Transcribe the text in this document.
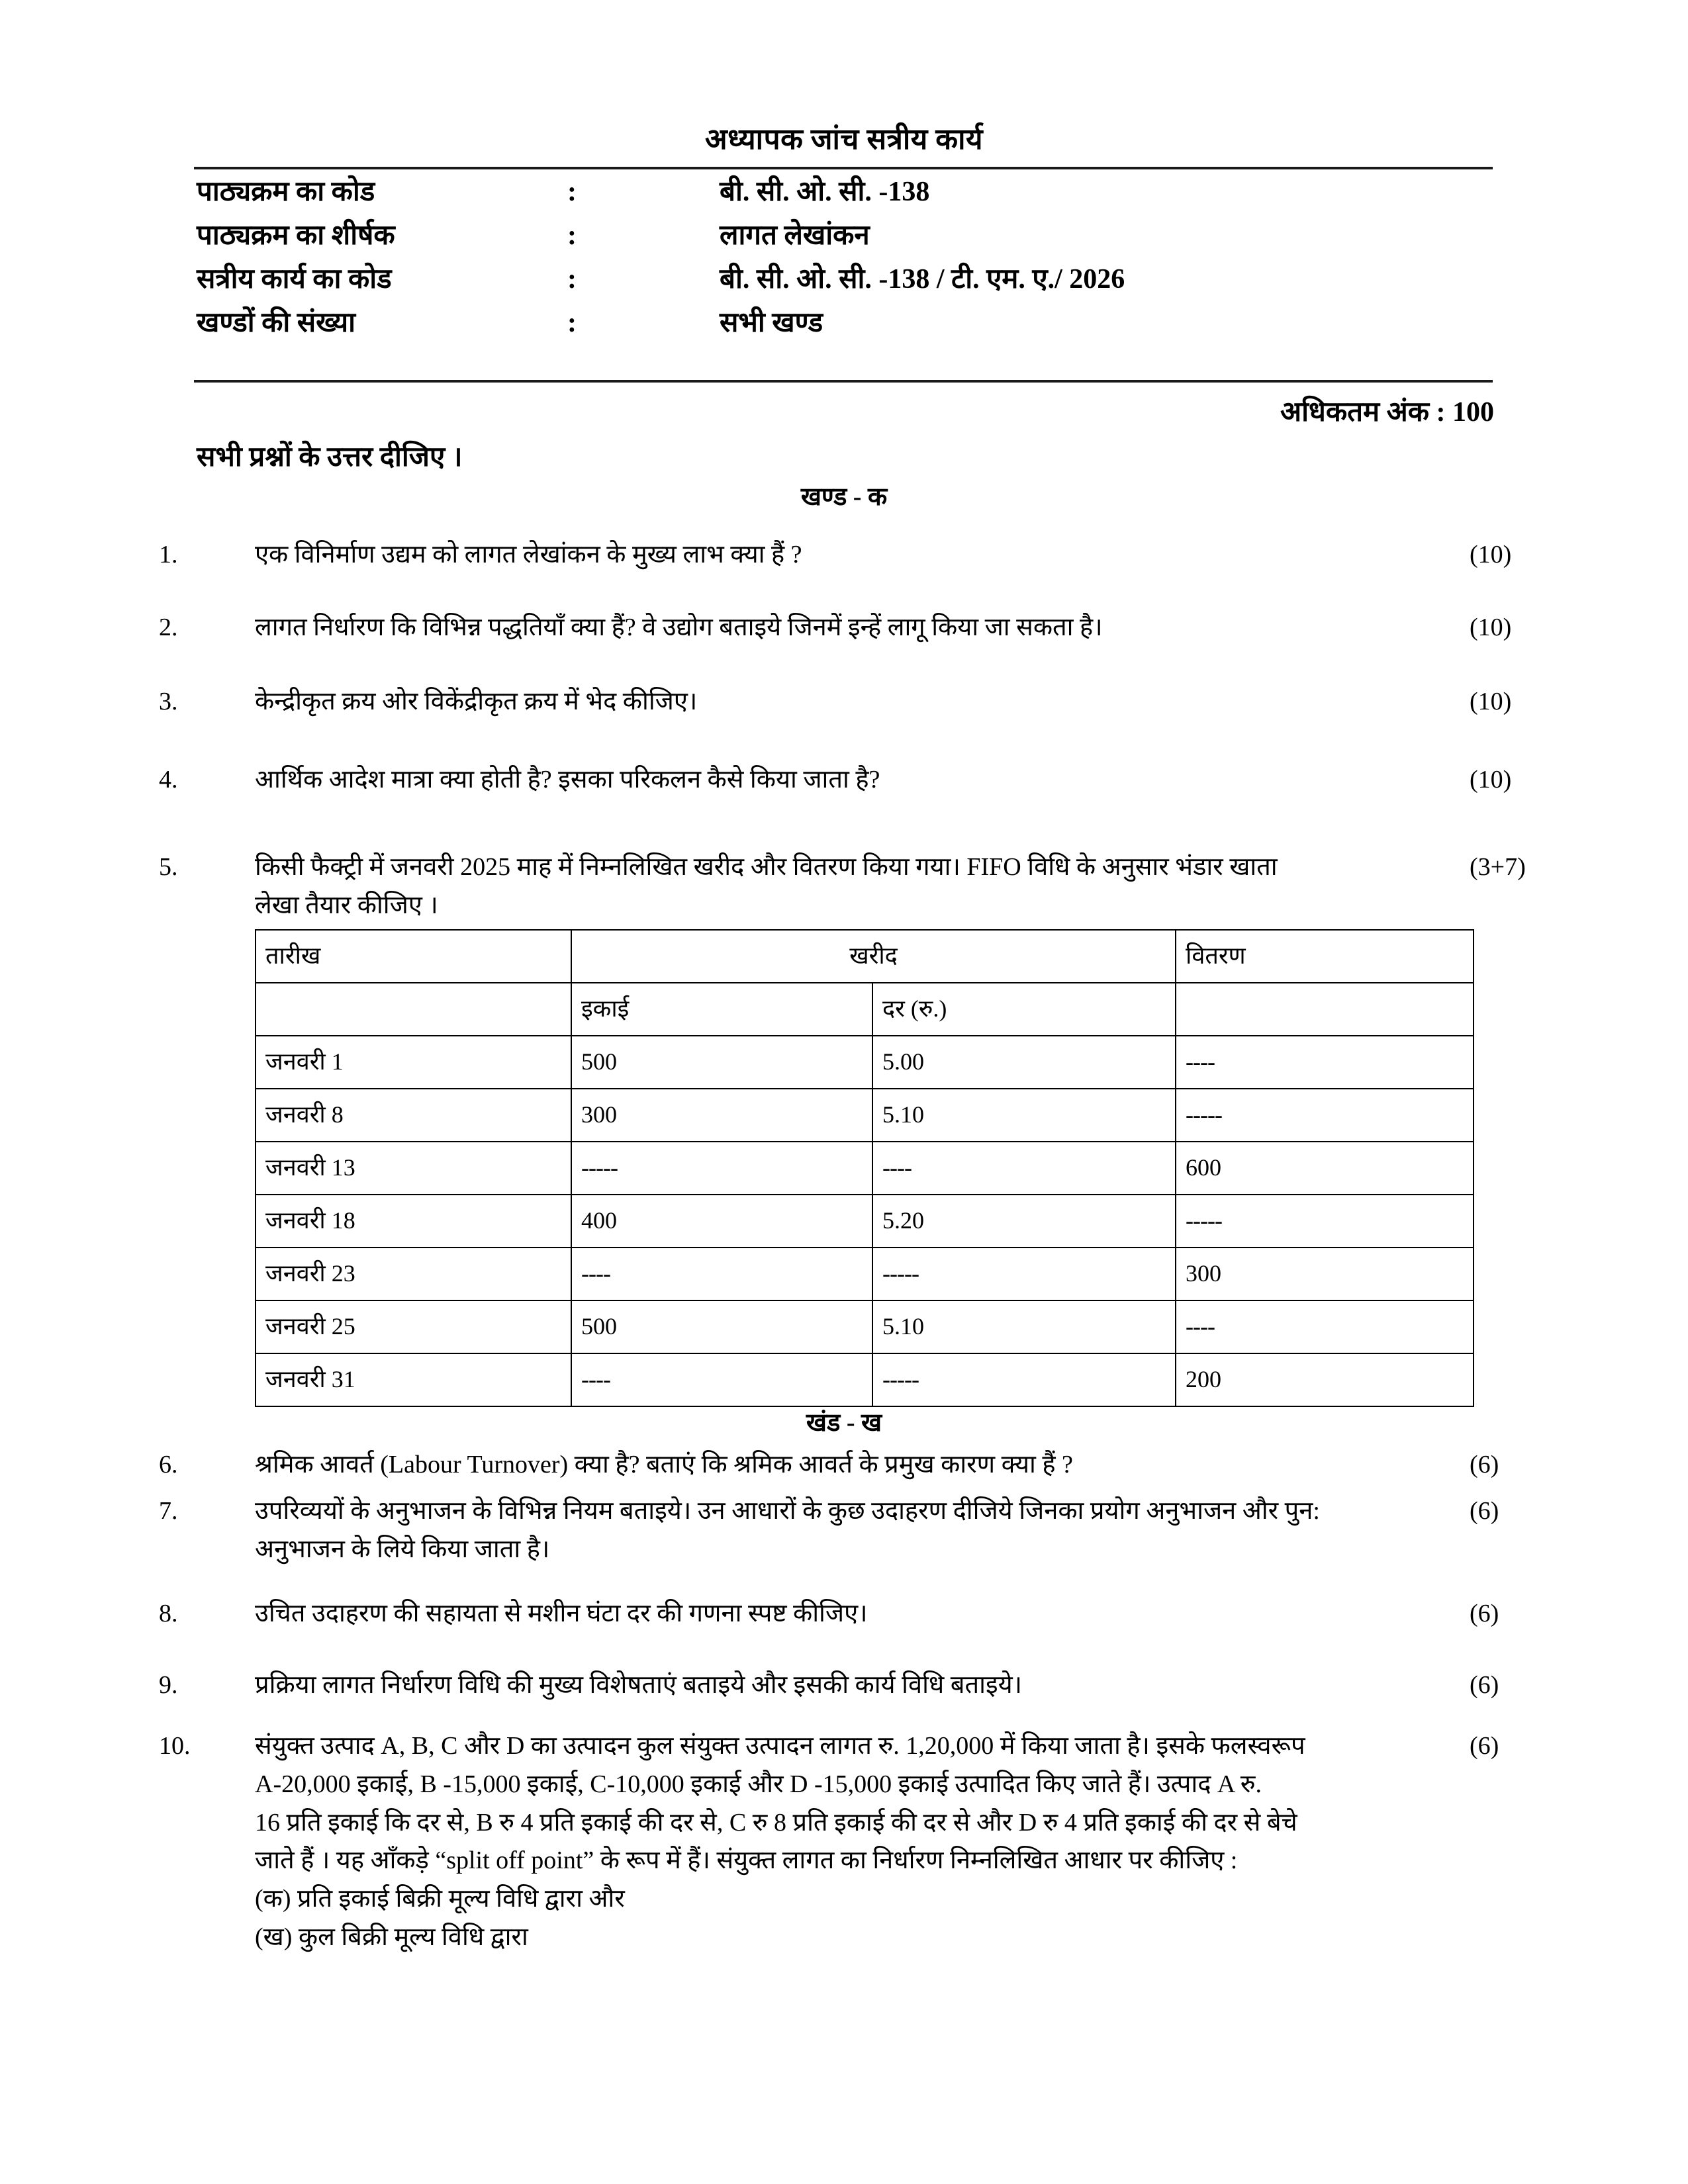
अध्यापक जांच सत्रीय कार्य
पाठ्यक्रम का कोड	:	बी. सी. ओ. सी. -138
पाठ्यक्रम का शीर्षक	:	लागत लेखांकन
सत्रीय कार्य का कोड	:	बी. सी. ओ. सी. -138 / टी. एम. ए./ 2026
खण्डों की संख्या	:	सभी खण्ड
अधिकतम अंक : 100
सभी प्रश्नों के उत्तर दीजिए ।
खण्ड - क
1.	एक विनिर्माण उद्यम को लागत लेखांकन के मुख्य लाभ क्या हैं ?	(10)
2.	लागत निर्धारण कि विभिन्न पद्धतियाँ क्या हैं? वे उद्योग बताइये जिनमें इन्हें लागू किया जा सकता है।	(10)
3.	केन्द्रीकृत क्रय ओर विकेंद्रीकृत क्रय में भेद कीजिए।	(10)
4.	आर्थिक आदेश मात्रा क्या होती है? इसका परिकलन कैसे किया जाता है?	(10)
5.	किसी फैक्ट्री में जनवरी 2025 माह में निम्नलिखित खरीद और वितरण किया गया। FIFO विधि के अनुसार भंडार खाता
लेखा तैयार कीजिए ।
(3+7)
तारीख	खरीद		वितरण
	इकाई	दर (रु.)	
जनवरी 1	500	5.00	----
जनवरी 8	300	5.10	-----
जनवरी 13	-----	----	600
जनवरी 18	400	5.20	-----
जनवरी 23	----	-----	300
जनवरी 25	500	5.10	----
जनवरी 31	----	-----	200
खंड - ख
6.	श्रमिक आवर्त (Labour Turnover) क्या है? बताएं कि श्रमिक आवर्त के प्रमुख कारण क्या हैं ?	(6)
7.	उपरिव्ययों के अनुभाजन के विभिन्न नियम बताइये। उन आधारों के कुछ उदाहरण दीजिये जिनका प्रयोग अनुभाजन और पुन:
अनुभाजन के लिये किया जाता है।
(6)
8.	उचित उदाहरण की सहायता से मशीन घंटा दर की गणना स्पष्ट कीजिए।	(6)
9.	प्रक्रिया लागत निर्धारण विधि की मुख्य विशेषताएं बताइये और इसकी कार्य विधि बताइये।	(6)
10.	संयुक्त उत्पाद A, B, C और D का उत्पादन कुल संयुक्त उत्पादन लागत रु. 1,20,000 में किया जाता है। इसके फलस्वरूप
A-20,000 इकाई, B -15,000 इकाई, C-10,000 इकाई और D -15,000 इकाई उत्पादित किए जाते हैं। उत्पाद A रु.
16 प्रति इकाई कि दर से, B रु 4 प्रति इकाई की दर से, C रु 8 प्रति इकाई की दर से और D रु 4 प्रति इकाई की दर से बेचे
जाते हैं । यह आँकड़े “split off point” के रूप में हैं। संयुक्त लागत का निर्धारण निम्नलिखित आधार पर कीजिए :
(क) प्रति इकाई बिक्री मूल्य विधि द्वारा और
(ख) कुल बिक्री मूल्य विधि द्वारा
(6)
